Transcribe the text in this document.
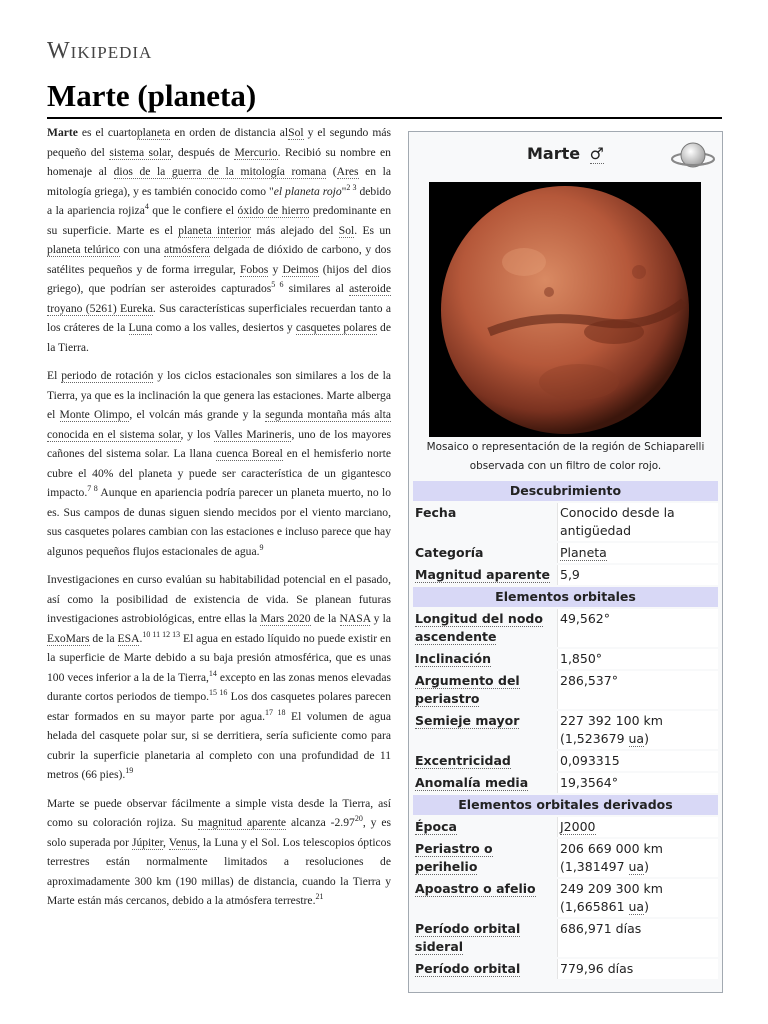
Wikipedia
Marte (planeta)

Marte es el cuartoplaneta en orden de distancia alSol y el segundo más pequeño del sistema solar, después de Mercurio. Recibió su nombre en homenaje al dios de la guerra de la mitología romana (Ares en la mitología griega), y es también conocido como "el planeta rojo"$^{2 3}$ debido a la apariencia rojiza$^4$ que le confiere el óxido de hierro predominante en su superficie. Marte es el planeta interior más alejado del Sol. Es un planeta telúrico con una atmósfera delgada de dióxido de carbono, y dos satélites pequeños y de forma irregular, Fobos y Deimos (hijos del dios griego), que podrían ser asteroides capturados$^{5 6}$ similares al asteroide troyano (5261) Eureka. Sus características superficiales recuerdan tanto a los cráteres de la Luna como a los valles, desiertos y casquetes polares de la Tierra.

El periodo de rotación y los ciclos estacionales son similares a los de la Tierra, ya que es la inclinación la que genera las estaciones. Marte alberga el Monte Olimpo, el volcán más grande y la segunda montaña más alta conocida en el sistema solar, y los Valles Marineris, uno de los mayores cañones del sistema solar. La llana cuenca Boreal en el hemisferio norte cubre el 40% del planeta y puede ser característica de un gigantesco impacto.$^{7 8}$ Aunque en apariencia podría parecer un planeta muerto, no lo es. Sus campos de dunas siguen siendo mecidos por el viento marciano, sus casquetes polares cambian con las estaciones e incluso parece que hay algunos pequeños flujos estacionales de agua.$^9$

Investigaciones en curso evalúan su habitabilidad potencial en el pasado, así como la posibilidad de existencia de vida. Se planean futuras investigaciones astrobiológicas, entre ellas la Mars 2020 de la NASA y la ExoMars de la ESA.$^{10 11 12 13}$ El agua en estado líquido no puede existir en la superficie de Marte debido a su baja presión atmosférica, que es unas 100 veces inferior a la de la Tierra,$^{14}$ excepto en las zonas menos elevadas durante cortos periodos de tiempo.$^{15 16}$ Los dos casquetes polares parecen estar formados en su mayor parte por agua.$^{17 18}$ El volumen de agua helada del casquete polar sur, si se derritiera, sería suficiente como para cubrir la superficie planetaria al completo con una profundidad de 11 metros (66 pies).$^{19}$

Marte se puede observar fácilmente a simple vista desde la Tierra, así como su coloración rojiza. Su magnitud aparente alcanza -2.97$^{20}$, y es solo superada por Júpiter, Venus, la Luna y el Sol. Los telescopios ópticos terrestres están normalmente limitados a resoluciones de aproximadamente 300 km (190 millas) de distancia, cuando la Tierra y Marte están más cercanos, debido a la atmósfera terrestre.$^{21}$

Marte ♂
Mosaico o representación de la región de Schiaparelli observada con un filtro de color rojo.
Descubrimiento	
Fecha	Conocido desde la antigüedad
Categoría	Planeta
Magnitud aparente	5,9
Elementos orbitales	
Longitud del nodo ascendente	49,562°
Inclinación	1,850°
Argumento del periastro	286,537°
Semieje mayor	227 392 100 km
(1,523679 ua)
Excentricidad	0,093315
Anomalía media	19,3564°
Elementos orbitales derivados	
Época	J2000
Periastro o perihelio	206 669 000 km
(1,381497 ua)
Apoastro o afelio	249 209 300 km
(1,665861 ua)
Período orbital sideral	686,971 días
Período orbital	779,96 días
